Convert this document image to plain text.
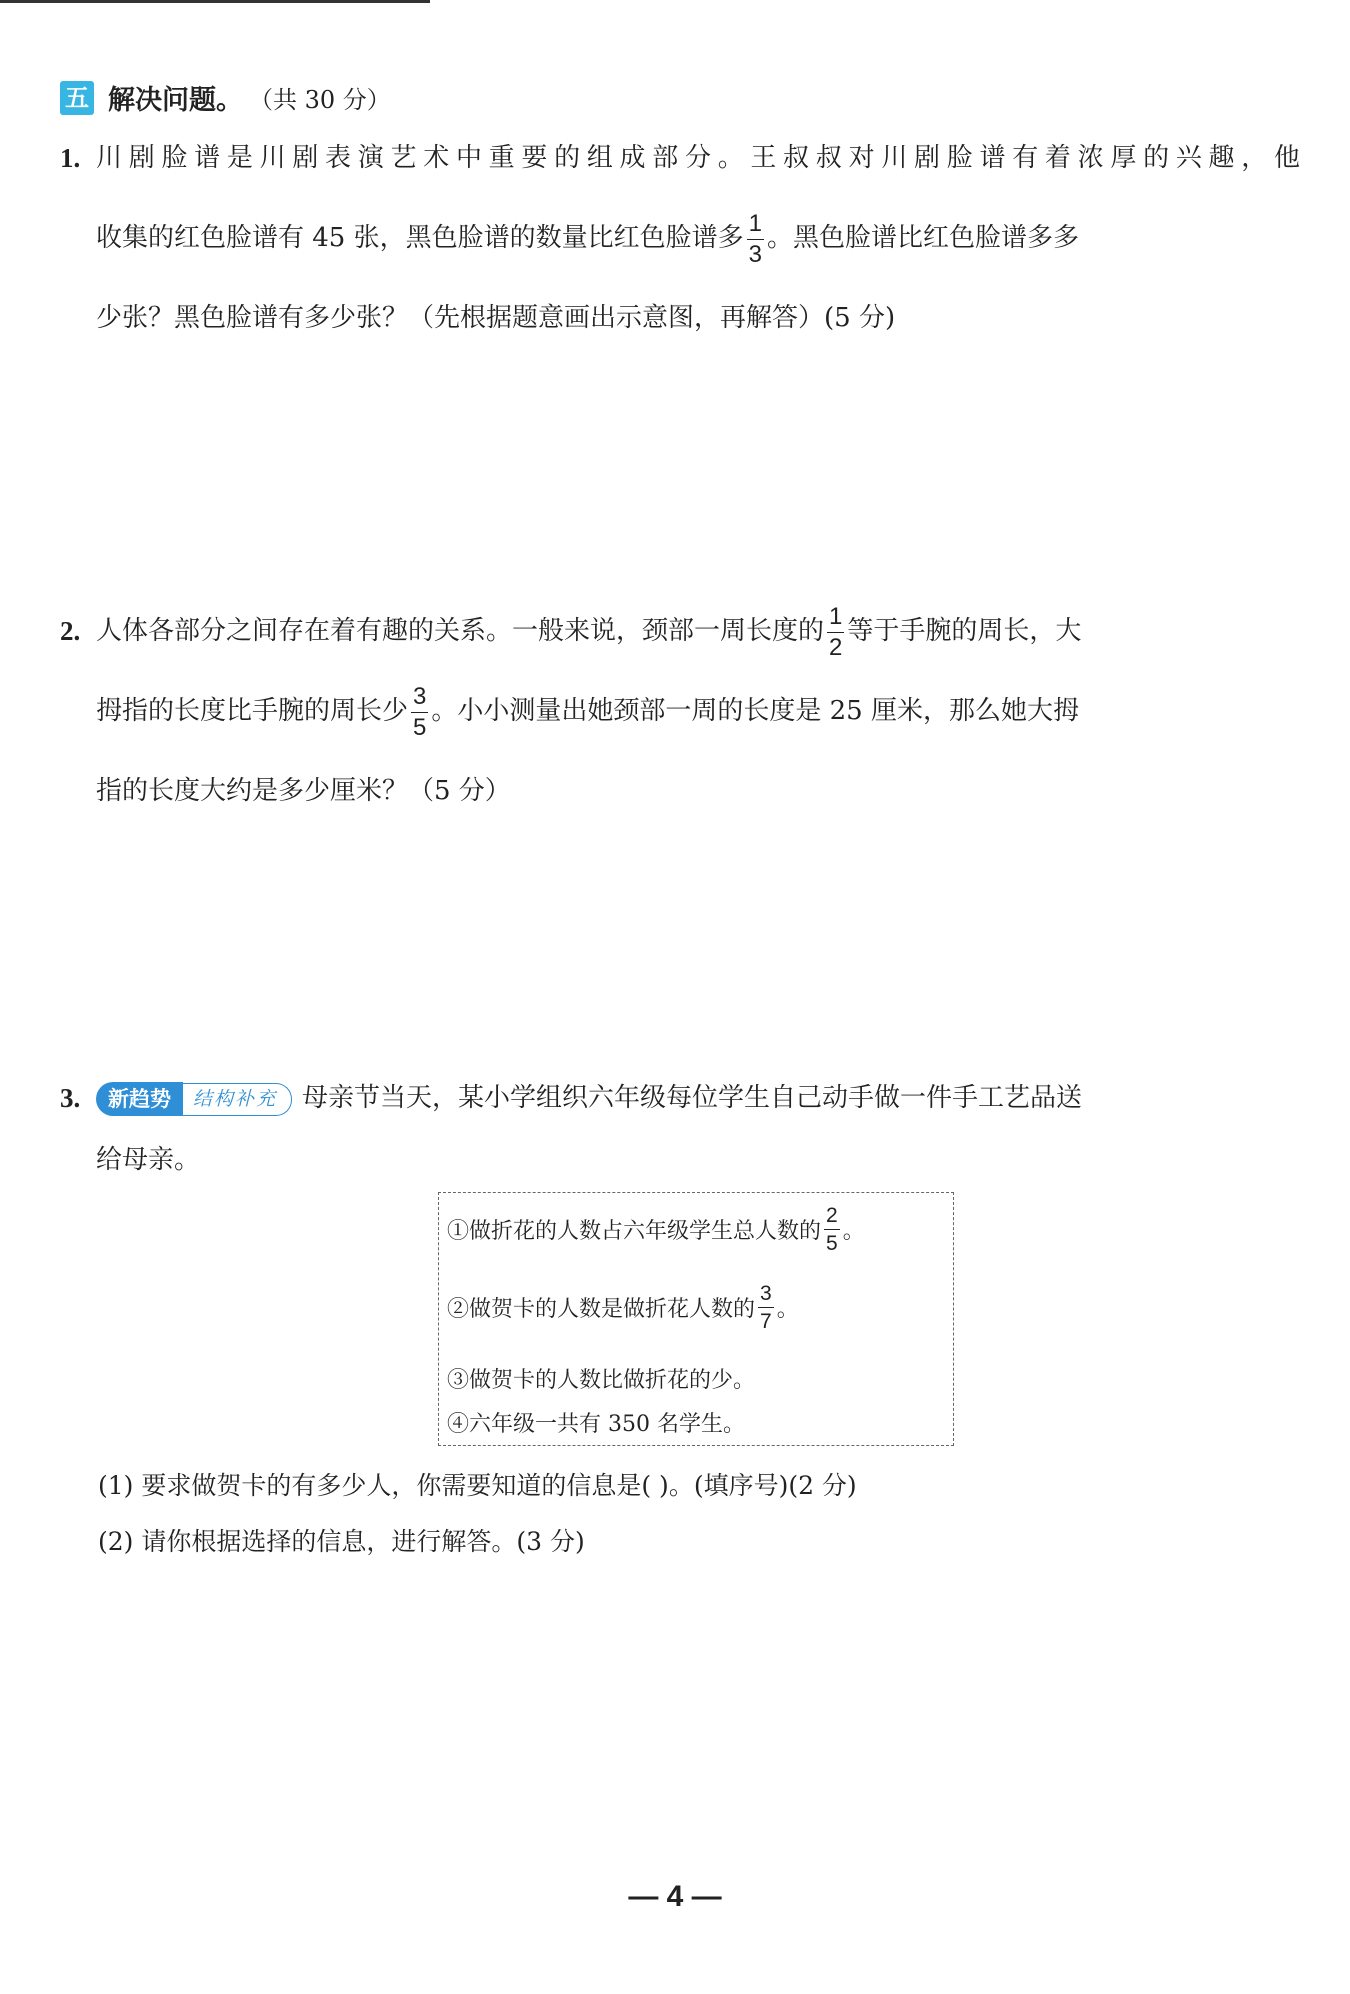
五 解决问题。 （共 30 分）
1. 川剧脸谱是川剧表演艺术中重要的组成部分。王叔叔对川剧脸谱有着浓厚的兴趣，他
收集的红色脸谱有 45 张，黑色脸谱的数量比红色脸谱多 $\frac{1}{3}$ 。黑色脸谱比红色脸谱多多
少张？黑色脸谱有多少张？（先根据题意画出示意图，再解答）(5 分)
2. 人体各部分之间存在着有趣的关系。一般来说，颈部一周长度的 $\frac{1}{2}$ 等于手腕的周长，大
拇指的长度比手腕的周长少 $\frac{3}{5}$ 。小小测量出她颈部一周的长度是 25 厘米，那么她大拇
指的长度大约是多少厘米？（5 分）
3.	新趋势	结构补充 母亲节当天，某小学组织六年级每位学生自己动手做一件手工艺品送
给母亲。
①做折花的人数占六年级学生总人数的 $\frac{2}{5}$ 。
②做贺卡的人数是做折花人数的 $\frac{3}{7}$ 。
③做贺卡的人数比做折花的少。
④六年级一共有 350 名学生。
(1) 要求做贺卡的有多少人，你需要知道的信息是( )。(填序号)(2 分)
(2) 请你根据选择的信息，进行解答。(3 分)
— 4 —
